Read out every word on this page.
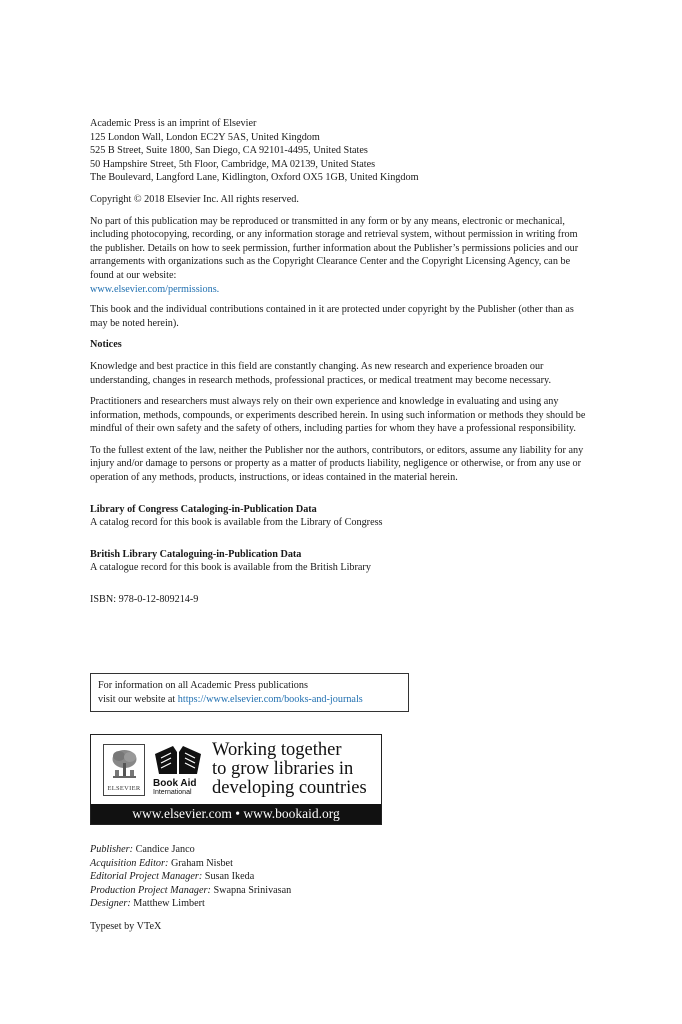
Academic Press is an imprint of Elsevier
125 London Wall, London EC2Y 5AS, United Kingdom
525 B Street, Suite 1800, San Diego, CA 92101-4495, United States
50 Hampshire Street, 5th Floor, Cambridge, MA 02139, United States
The Boulevard, Langford Lane, Kidlington, Oxford OX5 1GB, United Kingdom

Copyright © 2018 Elsevier Inc. All rights reserved.

No part of this publication may be reproduced or transmitted in any form or by any means, electronic or mechanical, including photocopying, recording, or any information storage and retrieval system, without permission in writing from the publisher. Details on how to seek permission, further information about the Publisher’s permissions policies and our arrangements with organizations such as the Copyright Clearance Center and the Copyright Licensing Agency, can be found at our website:
www.elsevier.com/permissions.

This book and the individual contributions contained in it are protected under copyright by the Publisher (other than as may be noted herein).

Notices

Knowledge and best practice in this field are constantly changing. As new research and experience broaden our understanding, changes in research methods, professional practices, or medical treatment may become necessary.

Practitioners and researchers must always rely on their own experience and knowledge in evaluating and using any information, methods, compounds, or experiments described herein. In using such information or methods they should be mindful of their own safety and the safety of others, including parties for whom they have a professional responsibility.

To the fullest extent of the law, neither the Publisher nor the authors, contributors, or editors, assume any liability for any injury and/or damage to persons or property as a matter of products liability, negligence or otherwise, or from any use or operation of any methods, products, instructions, or ideas contained in the material herein.

Library of Congress Cataloging-in-Publication Data
A catalog record for this book is available from the Library of Congress
British Library Cataloguing-in-Publication Data
A catalogue record for this book is available from the British Library

ISBN: 978-0-12-809214-9

For information on all Academic Press publications
visit our website at https://www.elsevier.com/books-and-journals
ELSEVIER	Book Aid
International
Working together
to grow libraries in
developing countries
www.elsevier.com • www.bookaid.org
Publisher: Candice Janco
Acquisition Editor: Graham Nisbet
Editorial Project Manager: Susan Ikeda
Production Project Manager: Swapna Srinivasan
Designer: Matthew Limbert
Typeset by VTeX
